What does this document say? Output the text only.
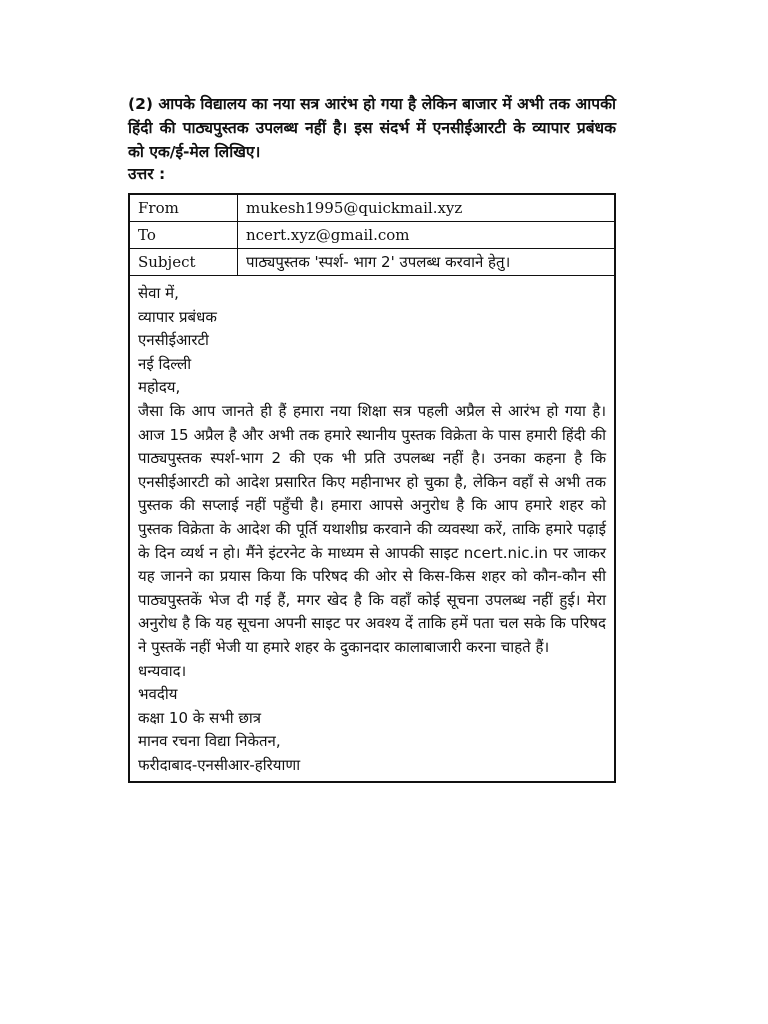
(2) आपके विद्यालय का नया सत्र आरंभ हो गया है लेकिन बाजार में अभी तक आपकी हिंदी की पाठ्यपुस्तक उपलब्ध नहीं है। इस संदर्भ में एनसीईआरटी के व्यापार प्रबंधक को एक/ई-मेल लिखिए।
उत्तर :
From	mukesh1995@quickmail.xyz
To	ncert.xyz@gmail.com
Subject	पाठ्यपुस्तक 'स्पर्श- भाग 2' उपलब्ध करवाने हेतु।
सेवा में,
व्यापार प्रबंधक
एनसीईआरटी
नई दिल्ली
महोदय,
जैसा कि आप जानते ही हैं हमारा नया शिक्षा सत्र पहली अप्रैल से आरंभ हो गया है। आज 15 अप्रैल है और अभी तक हमारे स्थानीय पुस्तक विक्रेता के पास हमारी हिंदी की पाठ्यपुस्तक स्पर्श-भाग 2 की एक भी प्रति उपलब्ध नहीं है। उनका कहना है कि एनसीईआरटी को आदेश प्रसारित किए महीनाभर हो चुका है, लेकिन वहाँ से अभी तक पुस्तक की सप्लाई नहीं पहुँची है। हमारा आपसे अनुरोध है कि आप हमारे शहर को पुस्तक विक्रेता के आदेश की पूर्ति यथाशीघ्र करवाने की व्यवस्था करें, ताकि हमारे पढ़ाई के दिन व्यर्थ न हो। मैंने इंटरनेट के माध्यम से आपकी साइट ncert.nic.in पर जाकर यह जानने का प्रयास किया कि परिषद की ओर से किस-किस शहर को कौन-कौन सी पाठ्यपुस्तकें भेज दी गई हैं, मगर खेद है कि वहाँ कोई सूचना उपलब्ध नहीं हुई। मेरा अनुरोध है कि यह सूचना अपनी साइट पर अवश्य दें ताकि हमें पता चल सके कि परिषद ने पुस्तकें नहीं भेजी या हमारे शहर के दुकानदार कालाबाजारी करना चाहते हैं।
धन्यवाद।
भवदीय
कक्षा 10 के सभी छात्र
मानव रचना विद्या निकेतन,
फरीदाबाद-एनसीआर-हरियाणा
